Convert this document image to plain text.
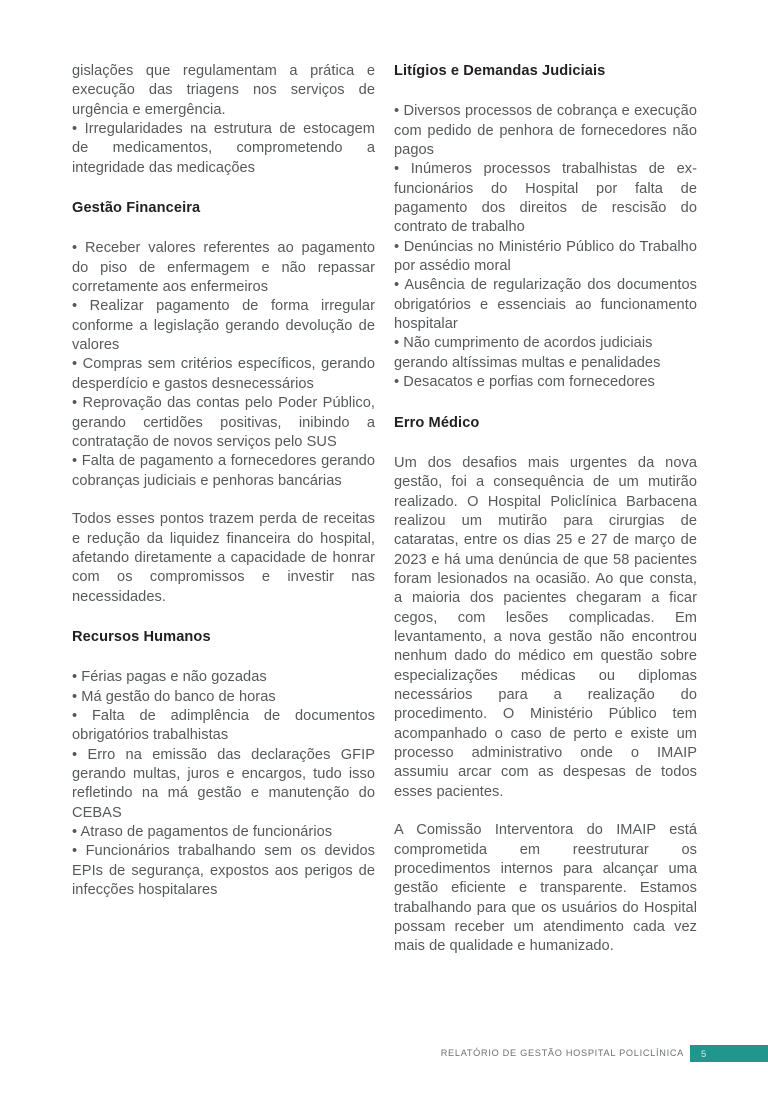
gislações que regulamentam a prática e execução das triagens nos serviços de urgência e emergência.

• Irregularidades na estrutura de estocagem de medicamentos, comprometendo a integridade das medicações

Gestão Financeira

• Receber valores referentes ao pagamento do piso de enfermagem e não repassar corretamente aos enfermeiros

• Realizar pagamento de forma irregular conforme a legislação gerando devolução de valores

• Compras sem critérios específicos, gerando desperdício e gastos desnecessários

• Reprovação das contas pelo Poder Público, gerando certidões positivas, inibindo a contratação de novos serviços pelo SUS

• Falta de pagamento a fornecedores gerando cobranças judiciais e penhoras bancárias

Todos esses pontos trazem perda de receitas e redução da liquidez financeira do hospital, afetando diretamente a capacidade de honrar com os compromissos e investir nas necessidades.

Recursos Humanos

• Férias pagas e não gozadas

• Má gestão do banco de horas

• Falta de adimplência de documentos obrigatórios trabalhistas

• Erro na emissão das declarações GFIP gerando multas, juros e encargos, tudo isso refletindo na má gestão e manutenção do CEBAS

• Atraso de pagamentos de funcionários

• Funcionários trabalhando sem os devidos EPIs de segurança, expostos aos perigos de infecções hospitalares

Litígios e Demandas Judiciais

• Diversos processos de cobrança e execução com pedido de penhora de fornecedores não pagos

• Inúmeros processos trabalhistas de ex-funcionários do Hospital por falta de pagamento dos direitos de rescisão do contrato de trabalho

• Denúncias no Ministério Público do Trabalho por assédio moral

• Ausência de regularização dos documentos obrigatórios e essenciais ao funcionamento hospitalar

• Não cumprimento de acordos judiciais gerando altíssimas multas e penalidades

• Desacatos e porfias com fornecedores

Erro Médico

Um dos desafios mais urgentes da nova gestão, foi a consequência de um mutirão realizado. O Hospital Policlínica Barbacena realizou um mutirão para cirurgias de cataratas, entre os dias 25 e 27 de março de 2023 e há uma denúncia de que 58 pacientes foram lesionados na ocasião. Ao que consta, a maioria dos pacientes chegaram a ficar cegos, com lesões complicadas. Em levantamento, a nova gestão não encontrou nenhum dado do médico em questão sobre especializações médicas ou diplomas necessários para a realização do procedimento. O Ministério Público tem acompanhado o caso de perto e existe um processo administrativo onde o IMAIP assumiu arcar com as despesas de todos esses pacientes.

A Comissão Interventora do IMAIP está comprometida em reestruturar os procedimentos internos para alcançar uma gestão eficiente e transparente. Estamos trabalhando para que os usuários do Hospital possam receber um atendimento cada vez mais de qualidade e humanizado.

RELATÓRIO DE GESTÃO HOSPITAL POLICLÍNICA 5
